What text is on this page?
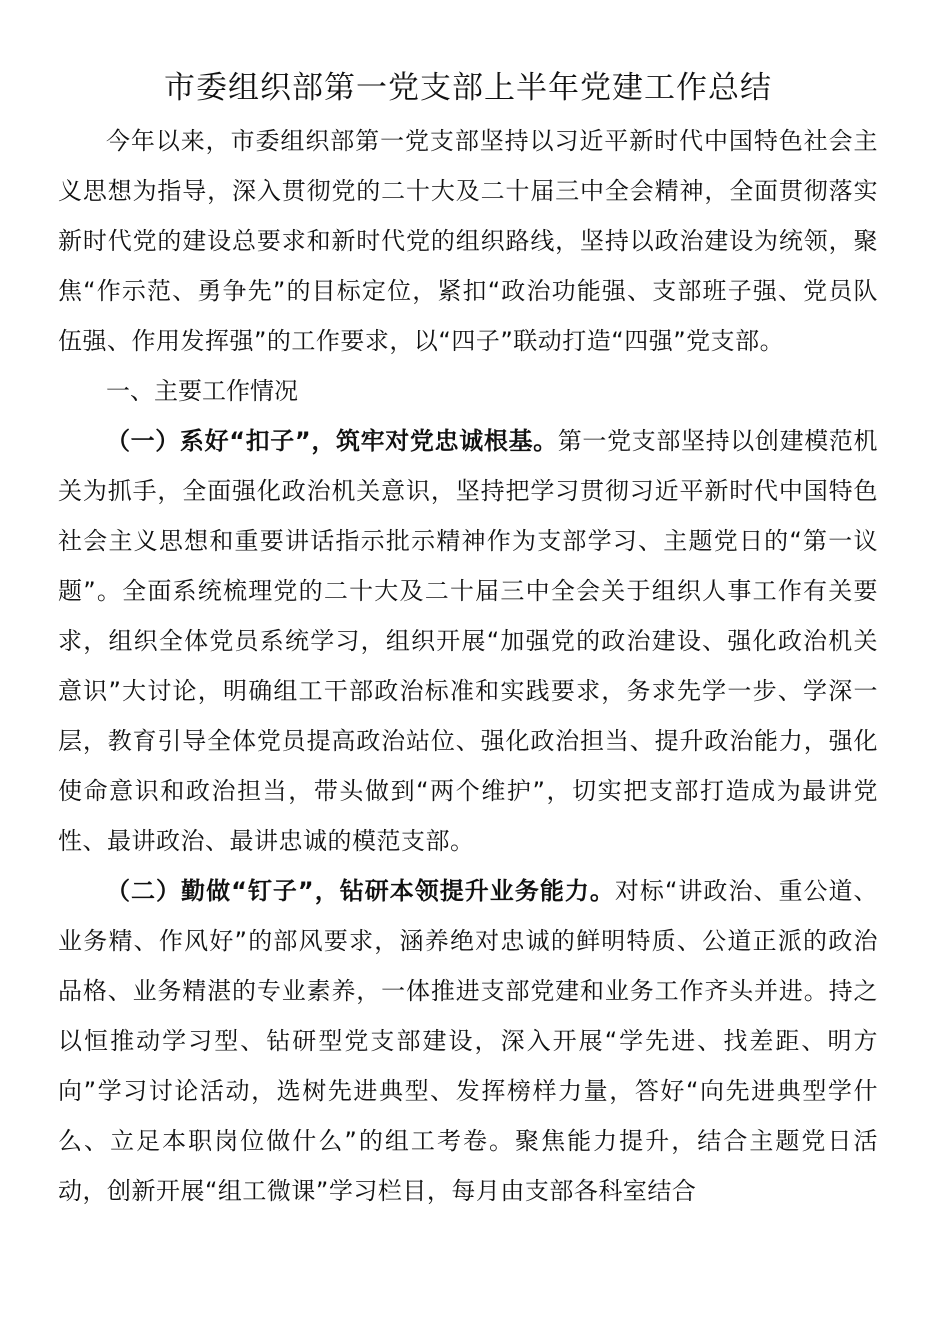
市委组织部第一党支部上半年党建工作总结

今年以来，市委组织部第一党支部坚持以习近平新时代中国特色社会主义思想为指导，深入贯彻党的二十大及二十届三中全会精神，全面贯彻落实新时代党的建设总要求和新时代党的组织路线，坚持以政治建设为统领，聚焦“作示范、勇争先”的目标定位，紧扣“政治功能强、支部班子强、党员队伍强、作用发挥强”的工作要求，以“四子”联动打造“四强”党支部。

一、主要工作情况

（一）系好“扣子”，筑牢对党忠诚根基。第一党支部坚持以创建模范机关为抓手，全面强化政治机关意识，坚持把学习贯彻习近平新时代中国特色社会主义思想和重要讲话指示批示精神作为支部学习、主题党日的“第一议题”。全面系统梳理党的二十大及二十届三中全会关于组织人事工作有关要求，组织全体党员系统学习，组织开展“加强党的政治建设、强化政治机关意识”大讨论，明确组工干部政治标准和实践要求，务求先学一步、学深一层，教育引导全体党员提高政治站位、强化政治担当、提升政治能力，强化使命意识和政治担当，带头做到“两个维护”，切实把支部打造成为最讲党性、最讲政治、最讲忠诚的模范支部。

（二）勤做“钉子”，钻研本领提升业务能力。对标“讲政治、重公道、业务精、作风好”的部风要求，涵养绝对忠诚的鲜明特质、公道正派的政治品格、业务精湛的专业素养，一体推进支部党建和业务工作齐头并进。持之以恒推动学习型、钻研型党支部建设，深入开展“学先进、找差距、明方向”学习讨论活动，选树先进典型、发挥榜样力量，答好“向先进典型学什么、立足本职岗位做什么”的组工考卷。聚焦能力提升，结合主题党日活动，创新开展“组工微课”学习栏目，每月由支部各科室结合
